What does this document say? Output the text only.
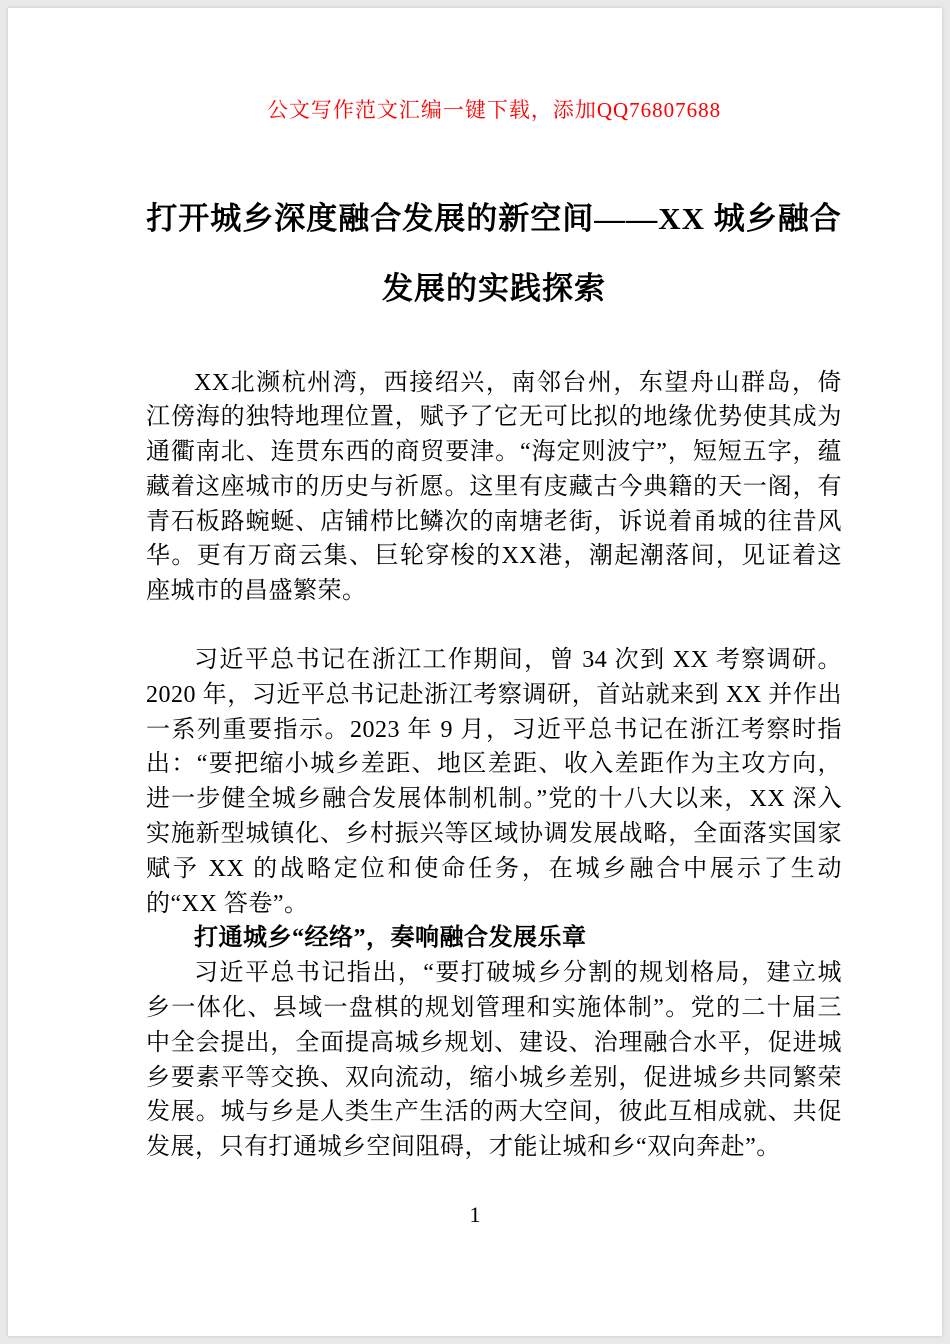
公文写作范文汇编一键下载，添加QQ76807688
打开城乡深度融合发展的新空间——XX 城乡融合发展的实践探索

XX北濒杭州湾，西接绍兴，南邻台州，东望舟山群岛，倚江傍海的独特地理位置，赋予了它无可比拟的地缘优势使其成为通衢南北、连贯东西的商贸要津。“海定则波宁”，短短五字，蕴藏着这座城市的历史与祈愿。这里有庋藏古今典籍的天一阁，有青石板路蜿蜒、店铺栉比鳞次的南塘老街，诉说着甬城的往昔风华。更有万商云集、巨轮穿梭的XX港，潮起潮落间，见证着这座城市的昌盛繁荣。

习近平总书记在浙江工作期间，曾 34 次到 XX 考察调研。2020 年，习近平总书记赴浙江考察调研，首站就来到 XX 并作出一系列重要指示。2023 年 9 月，习近平总书记在浙江考察时指出：“要把缩小城乡差距、地区差距、收入差距作为主攻方向，进一步健全城乡融合发展体制机制。”党的十八大以来，XX 深入实施新型城镇化、乡村振兴等区域协调发展战略，全面落实国家赋予 XX 的战略定位和使命任务，在城乡融合中展示了生动的“XX 答卷”。

打通城乡“经络”，奏响融合发展乐章

习近平总书记指出，“要打破城乡分割的规划格局，建立城乡一体化、县域一盘棋的规划管理和实施体制”。党的二十届三中全会提出，全面提高城乡规划、建设、治理融合水平，促进城乡要素平等交换、双向流动，缩小城乡差别，促进城乡共同繁荣发展。城与乡是人类生产生活的两大空间，彼此互相成就、共促发展，只有打通城乡空间阻碍，才能让城和乡“双向奔赴”。

1
